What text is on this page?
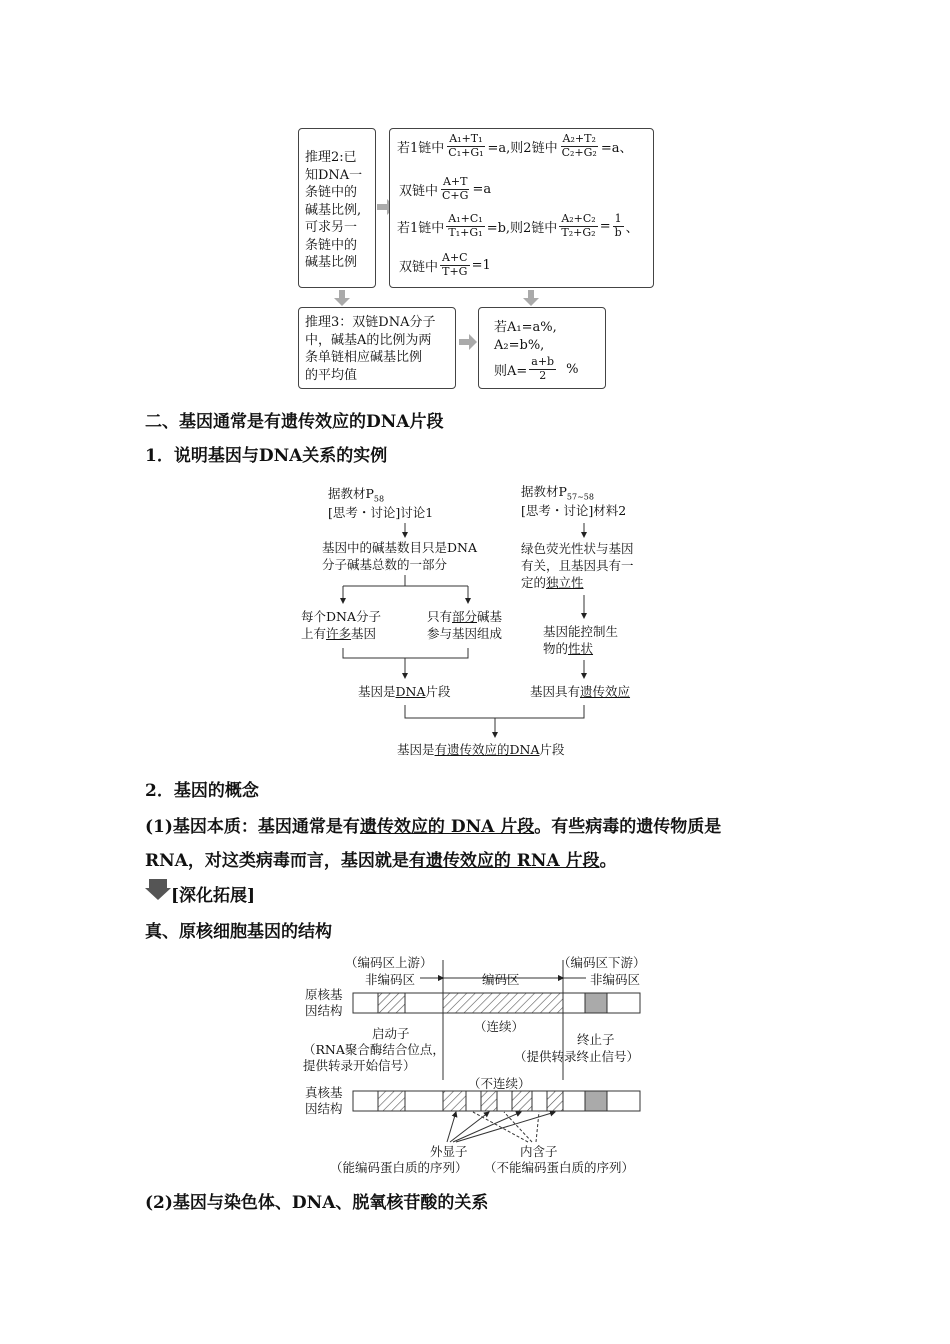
推理2:已
知DNA一
条链中的
碱基比例,
可求另一
条链中的
碱基比例
若1链中 $\frac{\text{A₁+T₁}}{\text{C₁+G₁}} =a$,则2链中 $\frac{\text{A₂+T₂}}{\text{C₂+G₂}} =a$、
双链中 $\frac{A+T}{C+G} =a$
若1链中 $\frac{\text{A₁+C₁}}{\text{T₁+G₁}} =b$,则2链中 $\frac{\text{A₂+C₂}}{\text{T₂+G₂}} = \frac{1}{b}$ 、
双链中 $\frac{A+C}{T+G} =1$
推理3：双链DNA分子
中，碱基A的比例为两
条单链相应碱基比例
的平均值
若A₁=a%,
A₂=b%,
则$A= \frac{a+b}{2}$ %
二、基因通常是有遗传效应的DNA片段
1．说明基因与DNA关系的实例
据教材$P_{58}$
[思考・讨论]讨论1
据教材$P_{57\sim 58}$
[思考・讨论]材料2
基因中的碱基数目只是DNA
分子碱基总数的一部分
每个DNA分子
上有许多基因
只有部分碱基
参与基因组成
绿色荧光性状与基因
有关，且基因具有一
定的独立性
基因能控制生
物的性状
基因是DNA片段	基因具有遗传效应
基因是有遗传效应的DNA片段
2．基因的概念
(1)基因本质：基因通常是有遗传效应的 DNA 片段。有些病毒的遗传物质是
RNA，对这类病毒而言，基因就是有遗传效应的 RNA 片段。
[深化拓展]
真、原核细胞基因的结构
（编码区上游）	（编码区下游）
非编码区	编码区	非编码区
原核基
因结构
启动子	（连续）
终止子
（RNA聚合酶结合位点，
提供转录开始信号）
（提供转录终止信号）
（不连续）
真核基
因结构
外显子	内含子
（能编码蛋白质的序列） （不能编码蛋白质的序列）
(2)基因与染色体、DNA、脱氧核苷酸的关系
